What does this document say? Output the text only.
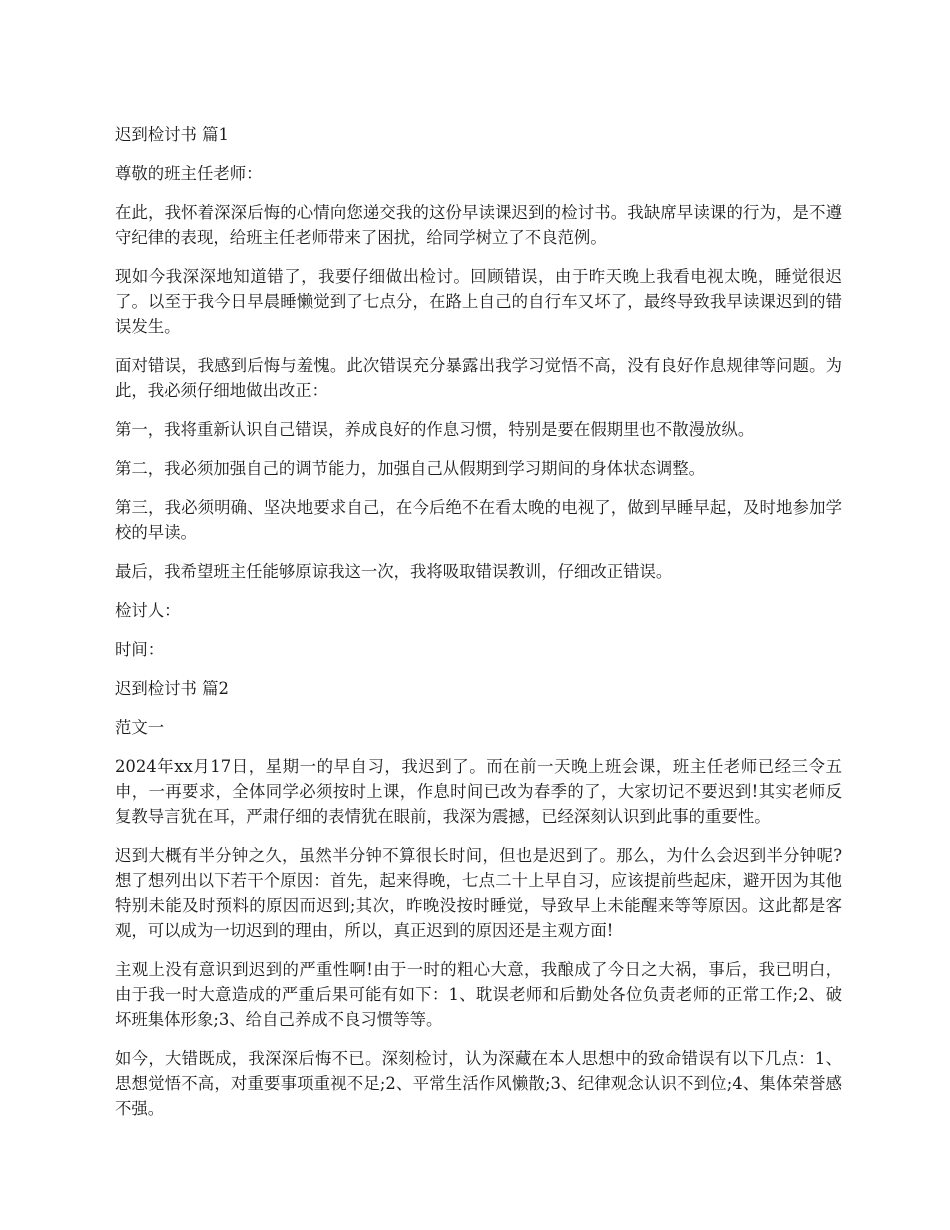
迟到检讨书 篇1

尊敬的班主任老师：

在此，我怀着深深后悔的心情向您递交我的这份早读课迟到的检讨书。我缺席早读课的行为，是不遵守纪律的表现，给班主任老师带来了困扰，给同学树立了不良范例。

现如今我深深地知道错了，我要仔细做出检讨。回顾错误，由于昨天晚上我看电视太晚，睡觉很迟了。以至于我今日早晨睡懒觉到了七点分，在路上自己的自行车又坏了，最终导致我早读课迟到的错误发生。

面对错误，我感到后悔与羞愧。此次错误充分暴露出我学习觉悟不高，没有良好作息规律等问题。为此，我必须仔细地做出改正：

第一，我将重新认识自己错误，养成良好的作息习惯，特别是要在假期里也不散漫放纵。

第二，我必须加强自己的调节能力，加强自己从假期到学习期间的身体状态调整。

第三，我必须明确、坚决地要求自己，在今后绝不在看太晚的电视了，做到早睡早起，及时地参加学校的早读。

最后，我希望班主任能够原谅我这一次，我将吸取错误教训，仔细改正错误。

检讨人：

时间：

迟到检讨书 篇2

范文一

2024年xx月17日，星期一的早自习，我迟到了。而在前一天晚上班会课，班主任老师已经三令五申，一再要求，全体同学必须按时上课，作息时间已改为春季的了，大家切记不要迟到!其实老师反复教导言犹在耳，严肃仔细的表情犹在眼前，我深为震撼，已经深刻认识到此事的重要性。

迟到大概有半分钟之久，虽然半分钟不算很长时间，但也是迟到了。那么，为什么会迟到半分钟呢?想了想列出以下若干个原因：首先，起来得晚，七点二十上早自习，应该提前些起床，避开因为其他特别未能及时预料的原因而迟到;其次，昨晚没按时睡觉，导致早上未能醒来等等原因。这此都是客观，可以成为一切迟到的理由，所以，真正迟到的原因还是主观方面!

主观上没有意识到迟到的严重性啊!由于一时的粗心大意，我酿成了今日之大祸，事后，我已明白，由于我一时大意造成的严重后果可能有如下：1、耽误老师和后勤处各位负责老师的正常工作;2、破坏班集体形象;3、给自己养成不良习惯等等。

如今，大错既成，我深深后悔不已。深刻检讨，认为深藏在本人思想中的致命错误有以下几点：1、思想觉悟不高，对重要事项重视不足;2、平常生活作风懒散;3、纪律观念认识不到位;4、集体荣誉感不强。
